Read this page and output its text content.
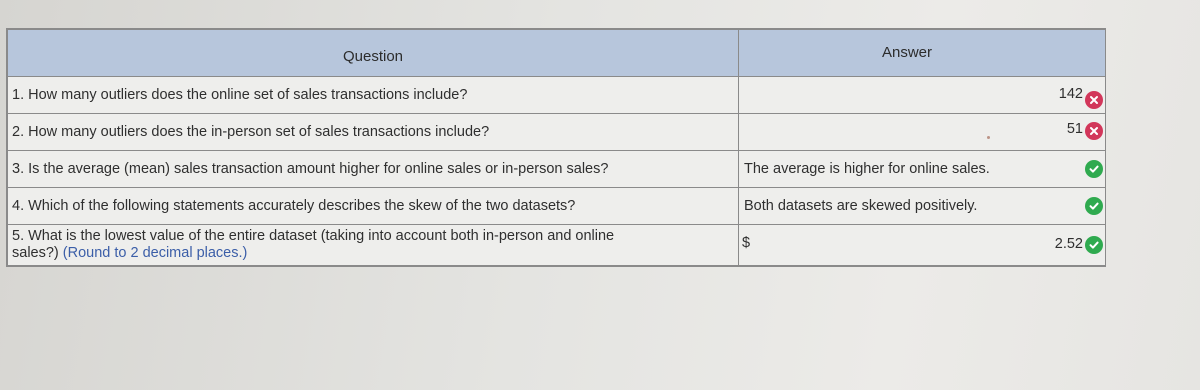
Question	Answer
1. How many outliers does the online set of sales transactions include?	142

2. How many outliers does the in-person set of sales transactions include?	51

3. Is the average (mean) sales transaction amount higher for online sales or in-person sales?	The average is higher for online sales.

4. Which of the following statements accurately describes the skew of the two datasets?	Both datasets are skewed positively.

5. What is the lowest value of the entire dataset (taking into account both in-person and online
sales?) (Round to 2 decimal places.)	$ 2.52
